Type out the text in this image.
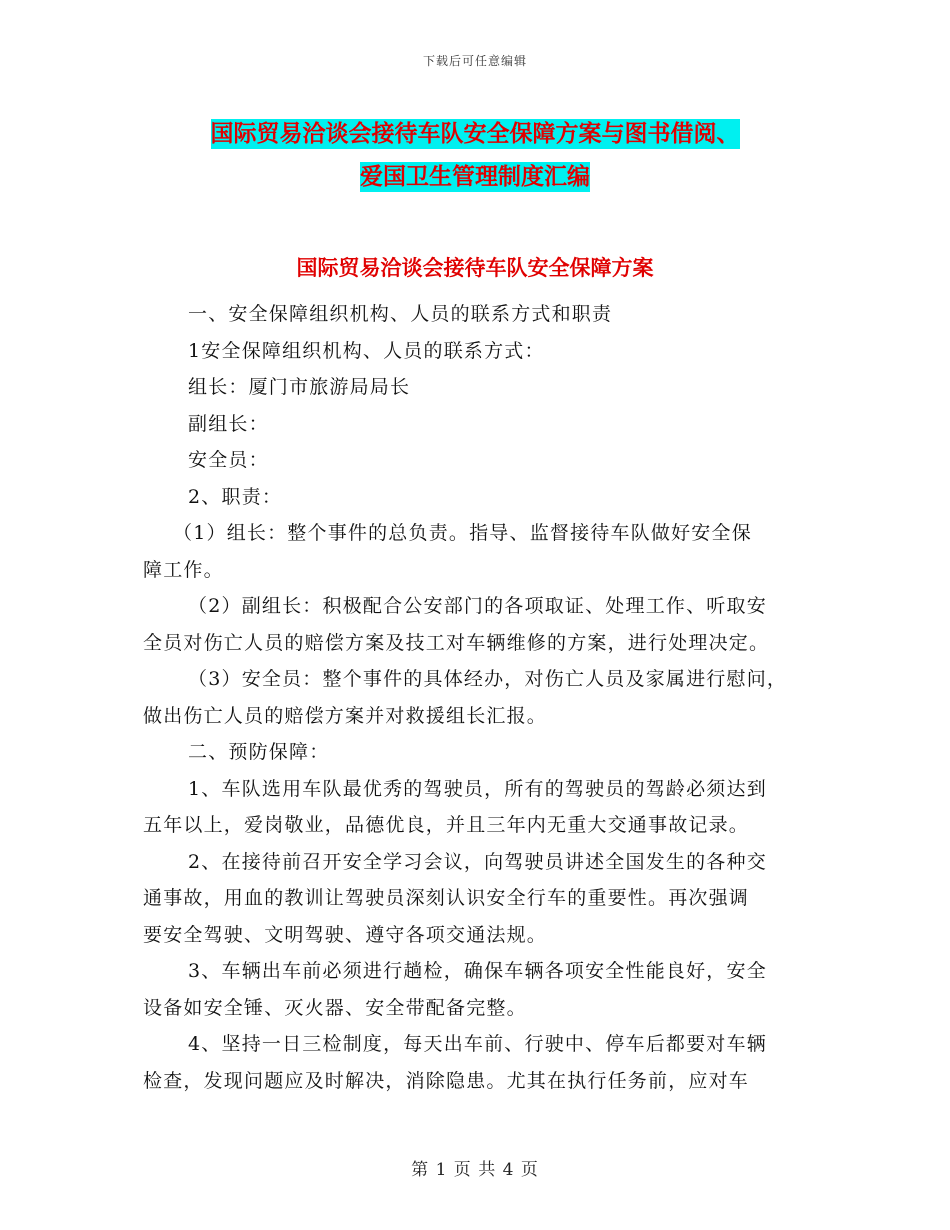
下载后可任意编辑
国际贸易洽谈会接待车队安全保障方案与图书借阅、
爱国卫生管理制度汇编
国际贸易洽谈会接待车队安全保障方案

一、安全保障组织机构、人员的联系方式和职责

1安全保障组织机构、人员的联系方式：

组长：厦门市旅游局局长

副组长：

安全员：

2、职责：

（1）组长：整个事件的总负责。指导、监督接待车队做好安全保

障工作。

（2）副组长：积极配合公安部门的各项取证、处理工作、听取安

全员对伤亡人员的赔偿方案及技工对车辆维修的方案，进行处理决定。

（3）安全员：整个事件的具体经办，对伤亡人员及家属进行慰问，

做出伤亡人员的赔偿方案并对救援组长汇报。

二、预防保障：

1、车队选用车队最优秀的驾驶员，所有的驾驶员的驾龄必须达到

五年以上，爱岗敬业，品德优良，并且三年内无重大交通事故记录。

2、在接待前召开安全学习会议，向驾驶员讲述全国发生的各种交

通事故，用血的教训让驾驶员深刻认识安全行车的重要性。再次强调

要安全驾驶、文明驾驶、遵守各项交通法规。

3、车辆出车前必须进行趟检，确保车辆各项安全性能良好，安全

设备如安全锤、灭火器、安全带配备完整。

4、坚持一日三检制度，每天出车前、行驶中、停车后都要对车辆

检查，发现问题应及时解决，消除隐患。尤其在执行任务前，应对车

第 1 页 共 4 页
